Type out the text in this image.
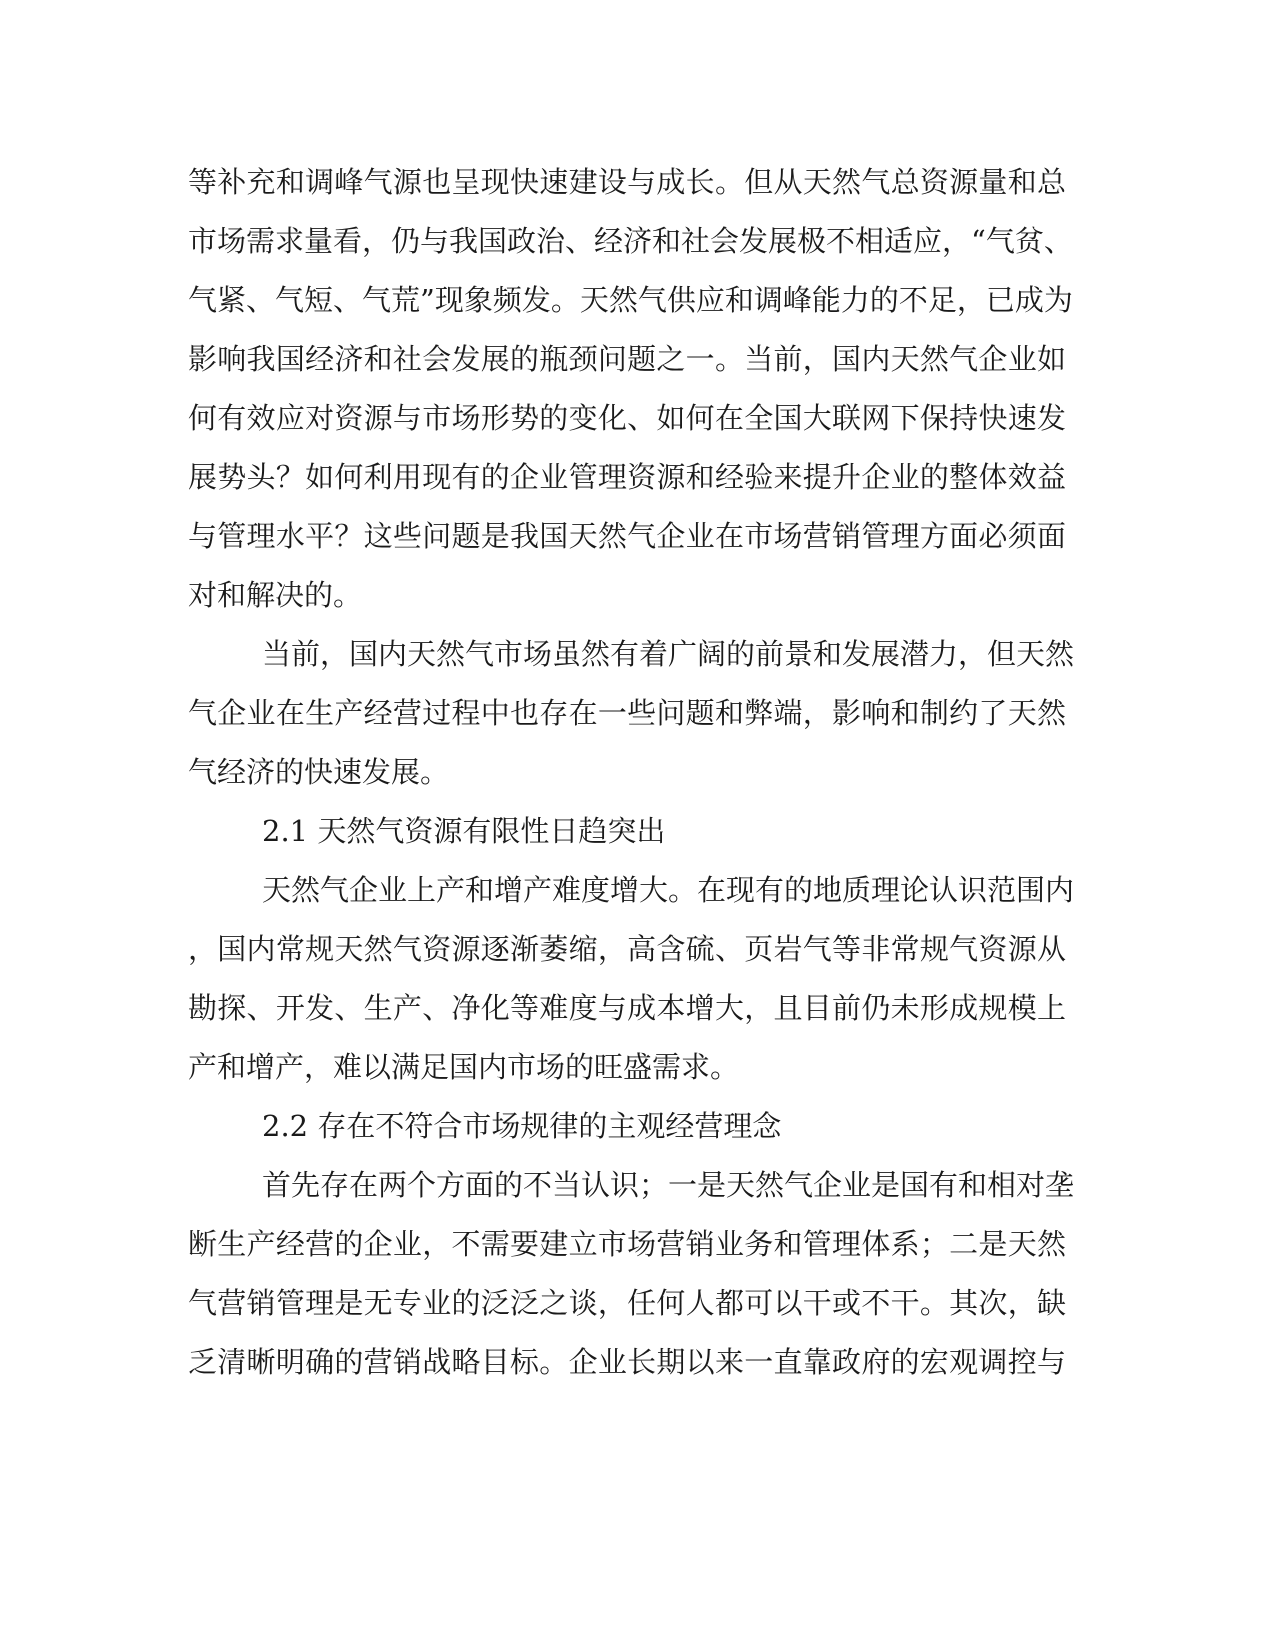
等补充和调峰气源也呈现快速建设与成长。但从天然气总资源量和总
市场需求量看，仍与我国政治、经济和社会发展极不相适应，“气贫、
气紧、气短、气荒”现象频发。天然气供应和调峰能力的不足，已成为
影响我国经济和社会发展的瓶颈问题之一。当前，国内天然气企业如
何有效应对资源与市场形势的变化、如何在全国大联网下保持快速发
展势头？如何利用现有的企业管理资源和经验来提升企业的整体效益
与管理水平？这些问题是我国天然气企业在市场营销管理方面必须面
对和解决的。
当前，国内天然气市场虽然有着广阔的前景和发展潜力，但天然
气企业在生产经营过程中也存在一些问题和弊端，影响和制约了天然
气经济的快速发展。
2.1 天然气资源有限性日趋突出
天然气企业上产和增产难度增大。在现有的地质理论认识范围内
，国内常规天然气资源逐渐萎缩，高含硫、页岩气等非常规气资源从
勘探、开发、生产、净化等难度与成本增大，且目前仍未形成规模上
产和增产，难以满足国内市场的旺盛需求。
2.2 存在不符合市场规律的主观经营理念
首先存在两个方面的不当认识；一是天然气企业是国有和相对垄
断生产经营的企业，不需要建立市场营销业务和管理体系；二是天然
气营销管理是无专业的泛泛之谈，任何人都可以干或不干。其次，缺
乏清晰明确的营销战略目标。企业长期以来一直靠政府的宏观调控与
